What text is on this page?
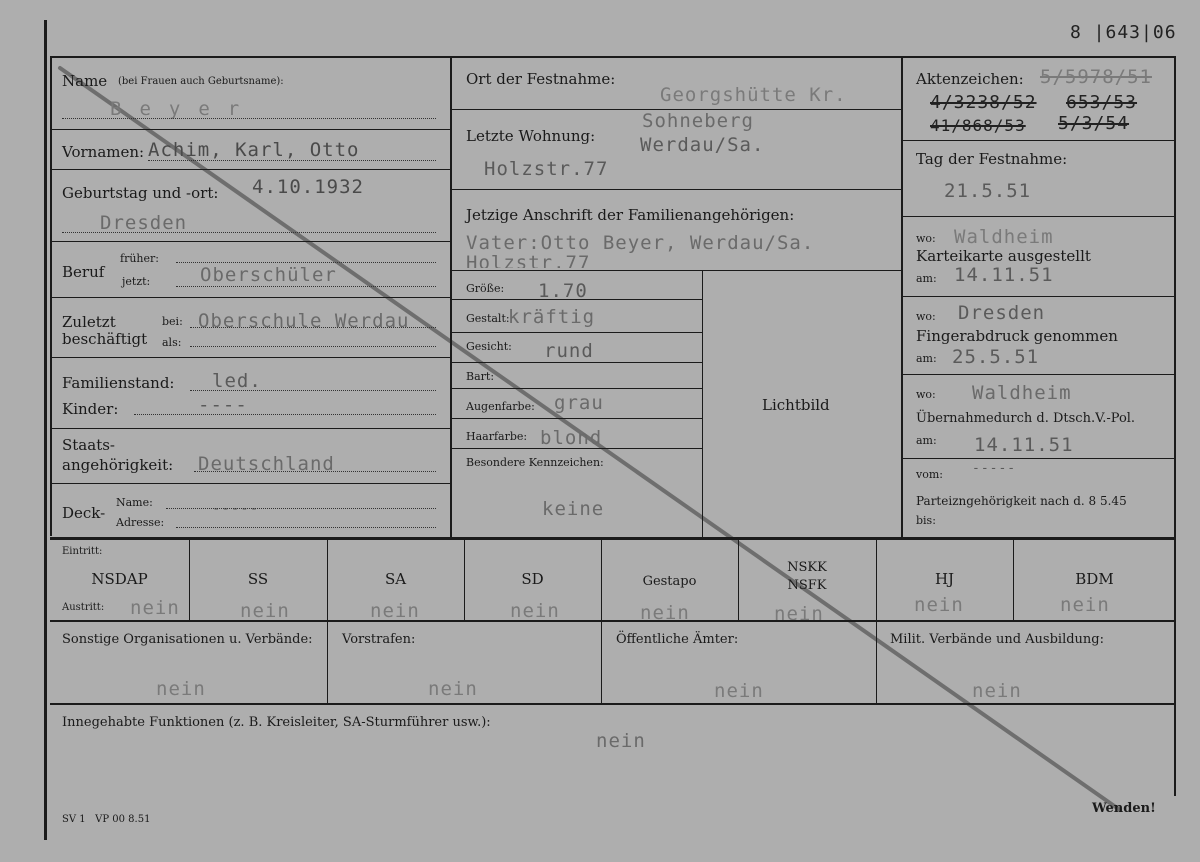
8 |643|06
Name (bei Frauen auch Geburtsname):
Beyer
Vornamen: Achim, Karl, Otto
Geburtstag und -ort: 4.10.1932
Dresden
Beruf
früher:
jetzt:	Oberschüler
Zuletzt
beschäftigt
bei:
als:
Oberschule Werdau
Familienstand: led.
Kinder:	----
Staats-
angehörigkeit: Deutschland
Deck-
Name:
Adresse:
-----
Ort der Festnahme:
Georgshütte Kr.
Letzte Wohnung:
Sohneberg
Werdau/Sa.
Holzstr.77
Jetzige Anschrift der Familienangehörigen:
Vater:Otto Beyer, Werdau/Sa.
Holzstr.77
Größe: 1.70
Gestalt:
kräftig
Gesicht: rund
Bart:
Augenfarbe: grau
Haarfarbe: blond
Besondere Kennzeichen:
keine
Lichtbild
Aktenzeichen: 5/5978/51
4/3238/52 653/53
41/868/53 5/3/54
Tag der Festnahme:
21.5.51
wo: Waldheim
Karteikarte ausgestellt
am: 14.11.51
wo: Dresden
Fingerabdruck genommen
am: 25.5.51
wo: Waldheim
Übernahmedurch d. Dtsch.V.-Pol.
am: 14.11.51
vom: -----
Parteizngehörigkeit nach d. 8 5.45
bis:
Eintritt:
Austritt:
NSDAP
nein
SS
nein
SA
nein
SD
nein
Gestapo
nein
NSKK
NSFK
nein
HJ
nein
BDM
nein
Sonstige Organisationen u. Verbände:
nein
Vorstrafen:
nein
Öffentliche Ämter:
nein
Milit. Verbände und Ausbildung:
nein
Innegehabte Funktionen (z. B. Kreisleiter, SA-Sturmführer usw.):
nein
SV 1   VP 00 8.51
Wenden!
